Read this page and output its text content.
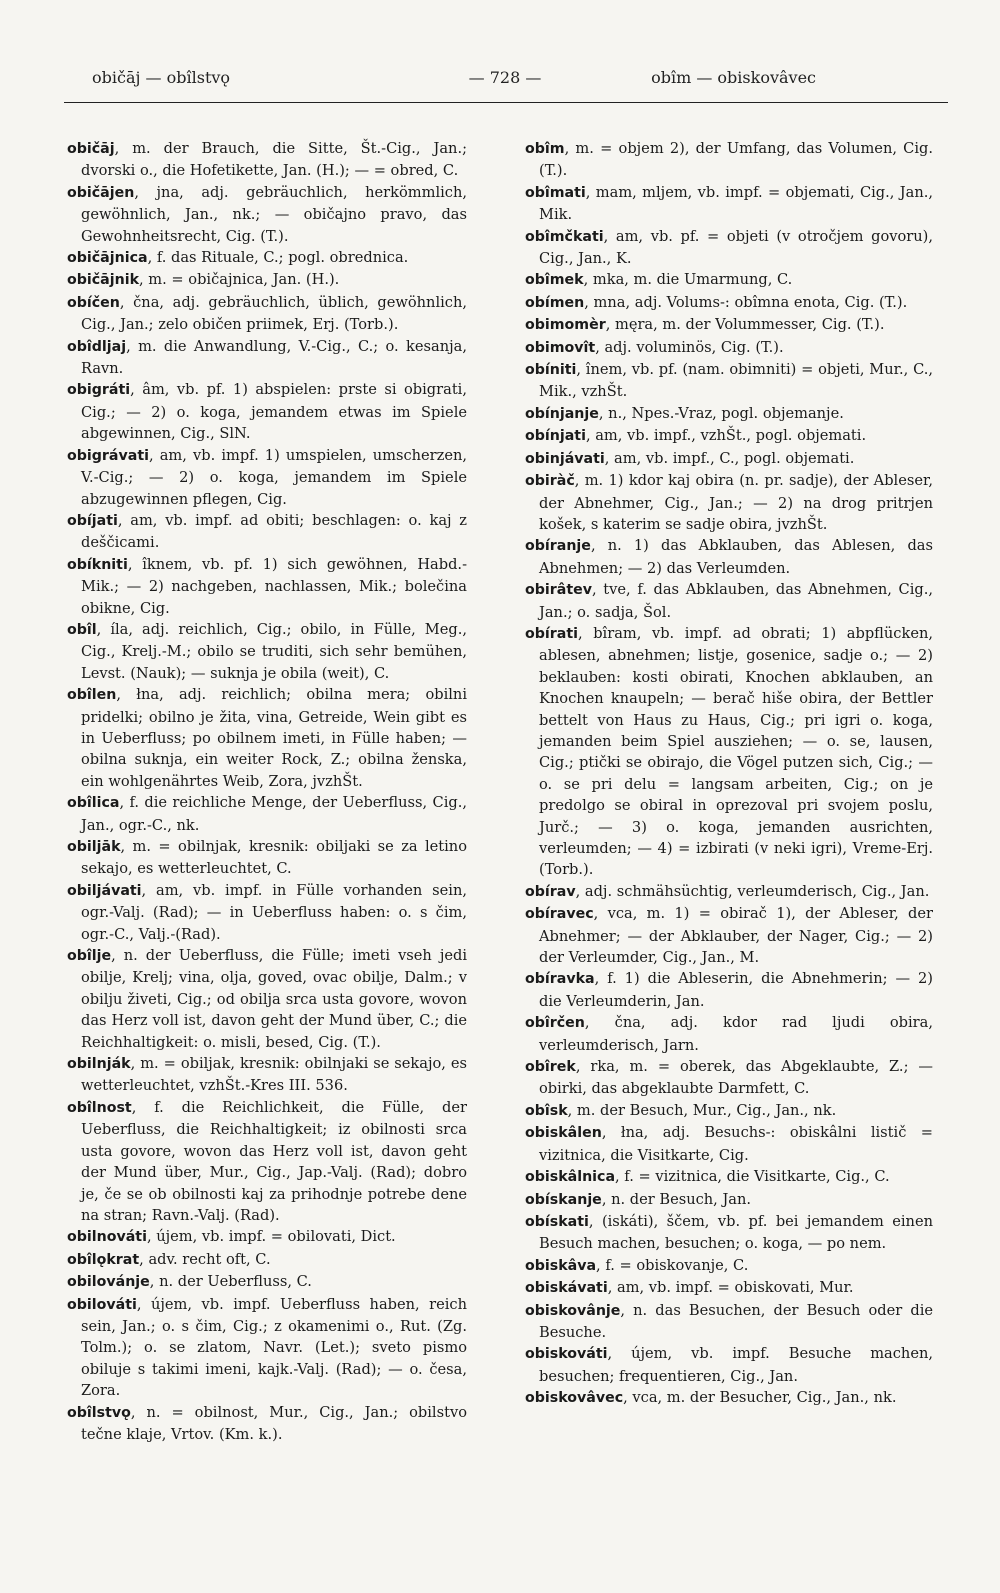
običāj — obîlstvǫ	— 728 —	obîm — obiskovâvec
običāj, m. der Brauch, die Sitte, Št.-Cig., Jan.; dvorski o., die Hofetikette, Jan. (H.); — = obred, C.
običājen, jna, adj. gebräuchlich, herkömmlich, gewöhnlich, Jan., nk.; — običajno pravo, das Gewohnheitsrecht, Cig. (T.).
običājnica, f. das Rituale, C.; pogl. obrednica.
običājnik, m. = običajnica, Jan. (H.).
obíčen, čna, adj. gebräuchlich, üblich, gewöhnlich, Cig., Jan.; zelo običen priimek, Erj. (Torb.).
obîdljaj, m. die Anwandlung, V.-Cig., C.; o. kesanja, Ravn.
obigráti, âm, vb. pf. 1) abspielen: prste si obigrati, Cig.; — 2) o. koga, jemandem etwas im Spiele abgewinnen, Cig., SlN.
obigrávati, am, vb. impf. 1) umspielen, umscherzen, V.-Cig.; — 2) o. koga, jemandem im Spiele abzugewinnen pflegen, Cig.
obíjati, am, vb. impf. ad obiti; beschlagen: o. kaj z deščicami.
obíkniti, îknem, vb. pf. 1) sich gewöhnen, Habd.-Mik.; — 2) nachgeben, nachlassen, Mik.; bolečina obikne, Cig.
obîl, íla, adj. reichlich, Cig.; obilo, in Fülle, Meg., Cig., Krelj.-M.; obilo se truditi, sich sehr bemühen, Levst. (Nauk); — suknja je obila (weit), C.
obîlen, łna, adj. reichlich; obilna mera; obilni pridelki; obilno je žita, vina, Getreide, Wein gibt es in Ueberfluss; po obilnem imeti, in Fülle haben; — obilna suknja, ein weiter Rock, Z.; obilna ženska, ein wohlgenährtes Weib, Zora, jvzhŠt.
obîlica, f. die reichliche Menge, der Ueberfluss, Cig., Jan., ogr.-C., nk.
obiljāk, m. = obilnjak, kresnik: obiljaki se za letino sekajo, es wetterleuchtet, C.
obiljávati, am, vb. impf. in Fülle vorhanden sein, ogr.-Valj. (Rad); — in Ueberfluss haben: o. s čim, ogr.-C., Valj.-(Rad).
obîlje, n. der Ueberfluss, die Fülle; imeti vseh jedi obilje, Krelj; vina, olja, goved, ovac obilje, Dalm.; v obilju živeti, Cig.; od obilja srca usta govore, wovon das Herz voll ist, davon geht der Mund über, C.; die Reichhaltigkeit: o. misli, besed, Cig. (T.).
obilnják, m. = obiljak, kresnik: obilnjaki se sekajo, es wetterleuchtet, vzhŠt.-Kres III. 536.
obîlnost, f. die Reichlichkeit, die Fülle, der Ueberfluss, die Reichhaltigkeit; iz obilnosti srca usta govore, wovon das Herz voll ist, davon geht der Mund über, Mur., Cig., Jap.-Valj. (Rad); dobro je, če se ob obilnosti kaj za prihodnje potrebe dene na stran; Ravn.-Valj. (Rad).
obilnováti, újem, vb. impf. = obilovati, Dict.
obîlǫkrat, adv. recht oft, C.
obilovánje, n. der Ueberfluss, C.
obilováti, újem, vb. impf. Ueberfluss haben, reich sein, Jan.; o. s čim, Cig.; z okamenimi o., Rut. (Zg. Tolm.); o. se zlatom, Navr. (Let.); sveto pismo obiluje s takimi imeni, kajk.-Valj. (Rad); — o. česa, Zora.
obîlstvǫ, n. = obilnost, Mur., Cig., Jan.; obilstvo tečne klaje, Vrtov. (Km. k.).
obîm, m. = objem 2), der Umfang, das Volumen, Cig. (T.).
obîmati, mam, mljem, vb. impf. = objemati, Cig., Jan., Mik.
obîmčkati, am, vb. pf. = objeti (v otročjem govoru), Cig., Jan., K.
obîmek, mka, m. die Umarmung, C.
obímen, mna, adj. Volums-: obîmna enota, Cig. (T.).
obimomèr, męra, m. der Volummesser, Cig. (T.).
obimovît, adj. voluminös, Cig. (T.).
obíniti, înem, vb. pf. (nam. obimniti) = objeti, Mur., C., Mik., vzhŠt.
obínjanje, n., Npes.-Vraz, pogl. objemanje.
obínjati, am, vb. impf., vzhŠt., pogl. objemati.
obinjávati, am, vb. impf., C., pogl. objemati.
obiràč, m. 1) kdor kaj obira (n. pr. sadje), der Ableser, der Abnehmer, Cig., Jan.; — 2) na drog pritrjen košek, s katerim se sadje obira, jvzhŠt.
obíranje, n. 1) das Abklauben, das Ablesen, das Abnehmen; — 2) das Verleumden.
obirâtev, tve, f. das Abklauben, das Abnehmen, Cig., Jan.; o. sadja, Šol.
obírati, bîram, vb. impf. ad obrati; 1) abpflücken, ablesen, abnehmen; listje, gosenice, sadje o.; — 2) beklauben: kosti obirati, Knochen abklauben, an Knochen knaupeln; — berač hiše obira, der Bettler bettelt von Haus zu Haus, Cig.; pri igri o. koga, jemanden beim Spiel ausziehen; — o. se, lausen, Cig.; ptički se obirajo, die Vögel putzen sich, Cig.; — o. se pri delu = langsam arbeiten, Cig.; on je predolgo se obiral in oprezoval pri svojem poslu, Jurč.; — 3) o. koga, jemanden ausrichten, verleumden; — 4) = izbirati (v neki igri), Vreme-Erj. (Torb.).
obírav, adj. schmähsüchtig, verleumderisch, Cig., Jan.
obíravec, vca, m. 1) = obirač 1), der Ableser, der Abnehmer; — der Abklauber, der Nager, Cig.; — 2) der Verleumder, Cig., Jan., M.
obíravka, f. 1) die Ableserin, die Abnehmerin; — 2) die Verleumderin, Jan.
obîrčen, čna, adj. kdor rad ljudi obira, verleumderisch, Jarn.
obîrek, rka, m. = oberek, das Abgeklaubte, Z.; — obirki, das abgeklaubte Darmfett, C.
obîsk, m. der Besuch, Mur., Cig., Jan., nk.
obiskâlen, łna, adj. Besuchs-: obiskâlni listič = vizitnica, die Visitkarte, Cig.
obiskâlnica, f. = vizitnica, die Visitkarte, Cig., C.
obískanje, n. der Besuch, Jan.
obískati, (iskáti), ščem, vb. pf. bei jemandem einen Besuch machen, besuchen; o. koga, — po nem.
obiskâva, f. = obiskovanje, C.
obiskávati, am, vb. impf. = obiskovati, Mur.
obiskovânje, n. das Besuchen, der Besuch oder die Besuche.
obiskováti, újem, vb. impf. Besuche machen, besuchen; frequentieren, Cig., Jan.
obiskovâvec, vca, m. der Besucher, Cig., Jan., nk.
